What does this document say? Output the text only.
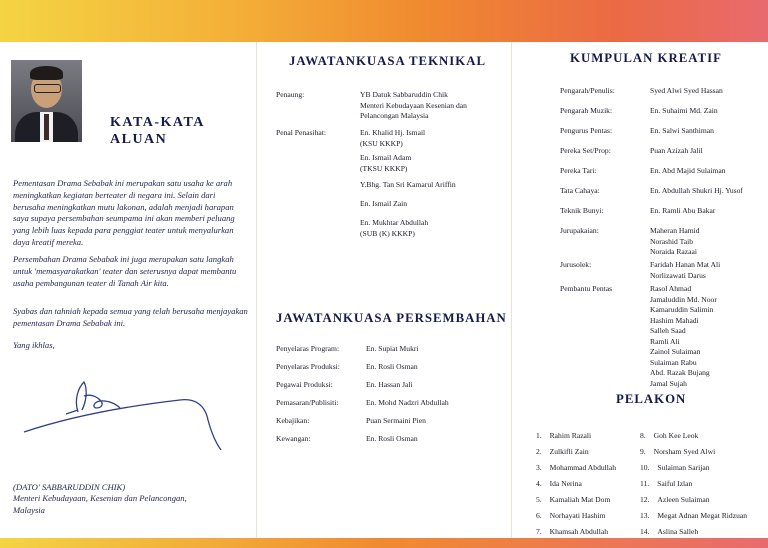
KATA-KATA
ALUAN
Pementasan Drama Sebabak ini merupakan satu usaha ke arah meningkatkan kegiatan berteater di negara ini. Selain dari berusaha meningkatkan mutu lakonan, adalah menjadi harapan saya supaya persembahan seumpama ini akan memberi peluang yang lebih luas kepada para penggiat teater untuk menyalurkan daya kreatif mereka.
Persembahan Drama Sebabak ini juga merupakan satu langkah untuk 'memasyarakatkan' teater dan seterusnya dapat membantu usaha pembangunan teater di Tanah Air kita.
Syabas dan tahniah kepada semua yang telah berusaha menjayakan pementasan Drama Sebabak ini.
Yang ikhlas,
(DATO' SABBARUDDIN CHIK)
Menteri Kebudayaan, Kesenian dan Pelancongan,
Malaysia
JAWATANKUASA TEKNIKAL
Penaung:	YB Datuk Sabbaruddin Chik
Menteri Kebudayaan Kesenian dan
Pelancongan Malaysia
Penal Penasihat:	En. Khalid Hj. Ismail
(KSU KKKP)
En. Ismail Adam
(TKSU KKKP)
Y.Bhg. Tan Sri Kamarul Ariffin
En. Ismail Zain
En. Mukhtar Abdullah
(SUB (K) KKKP)
JAWATANKUASA PERSEMBAHAN
Penyelaras Program:	En. Supiat Mukri
Penyelaras Produksi:	En. Rosli Osman
Pegawai Produksi:	En. Hassan Jali
Pemasaran/Publisiti:	En. Mohd Nadzri Abdullah
Kebajikan:	Puan Sermaini Pien
Kewangan:	En. Rosli Osman
KUMPULAN KREATIF
Pengarah/Penulis:	Syed Alwi Syed Hassan
Pengarah Muzik:	En. Suhaimi Md. Zain
Pengurus Pentas:	En. Salwi Santhiman
Pereka Set/Prop:	Puan Azizah Jalil
Pereka Tari:	En. Abd Majid Sulaiman
Tata Cahaya:	En. Abdullah Shukri Hj. Yusof
Teknik Bunyi:	En. Ramli Abu Bakar
Jurupakaian:	Maheran Hamid
Norashid Taib
Noraida Razaai
Jurusolek:	Faridah Hanan Mat Ali
Norlizawati Darus
Pembantu Pentas	Rasol Ahmad
Jamaluddin Md. Noor
Kamaruddin Salimin
Hashim Mahadi
Salleh Saad
Ramli Ali
Zainol Sulaiman
Sulaiman Rabu
Abd. Razak Bujang
Jamal Sujah
PELAKON
1. Rahim Razali
2. Zulkifli Zain
3. Mohammad Abdullah
4. Ida Nerina
5. Kamaliah Mat Dom
6. Norhayati Hashim
7. Khamsah Abdullah
8. Goh Kee Leok
9. Norsham Syed Alwi
10. Sulaiman Sarijan
11. Saiful Izlan
12. Azleen Sulaiman
13. Megat Adnan Megat Ridzuan
14. Aslina Salleh
